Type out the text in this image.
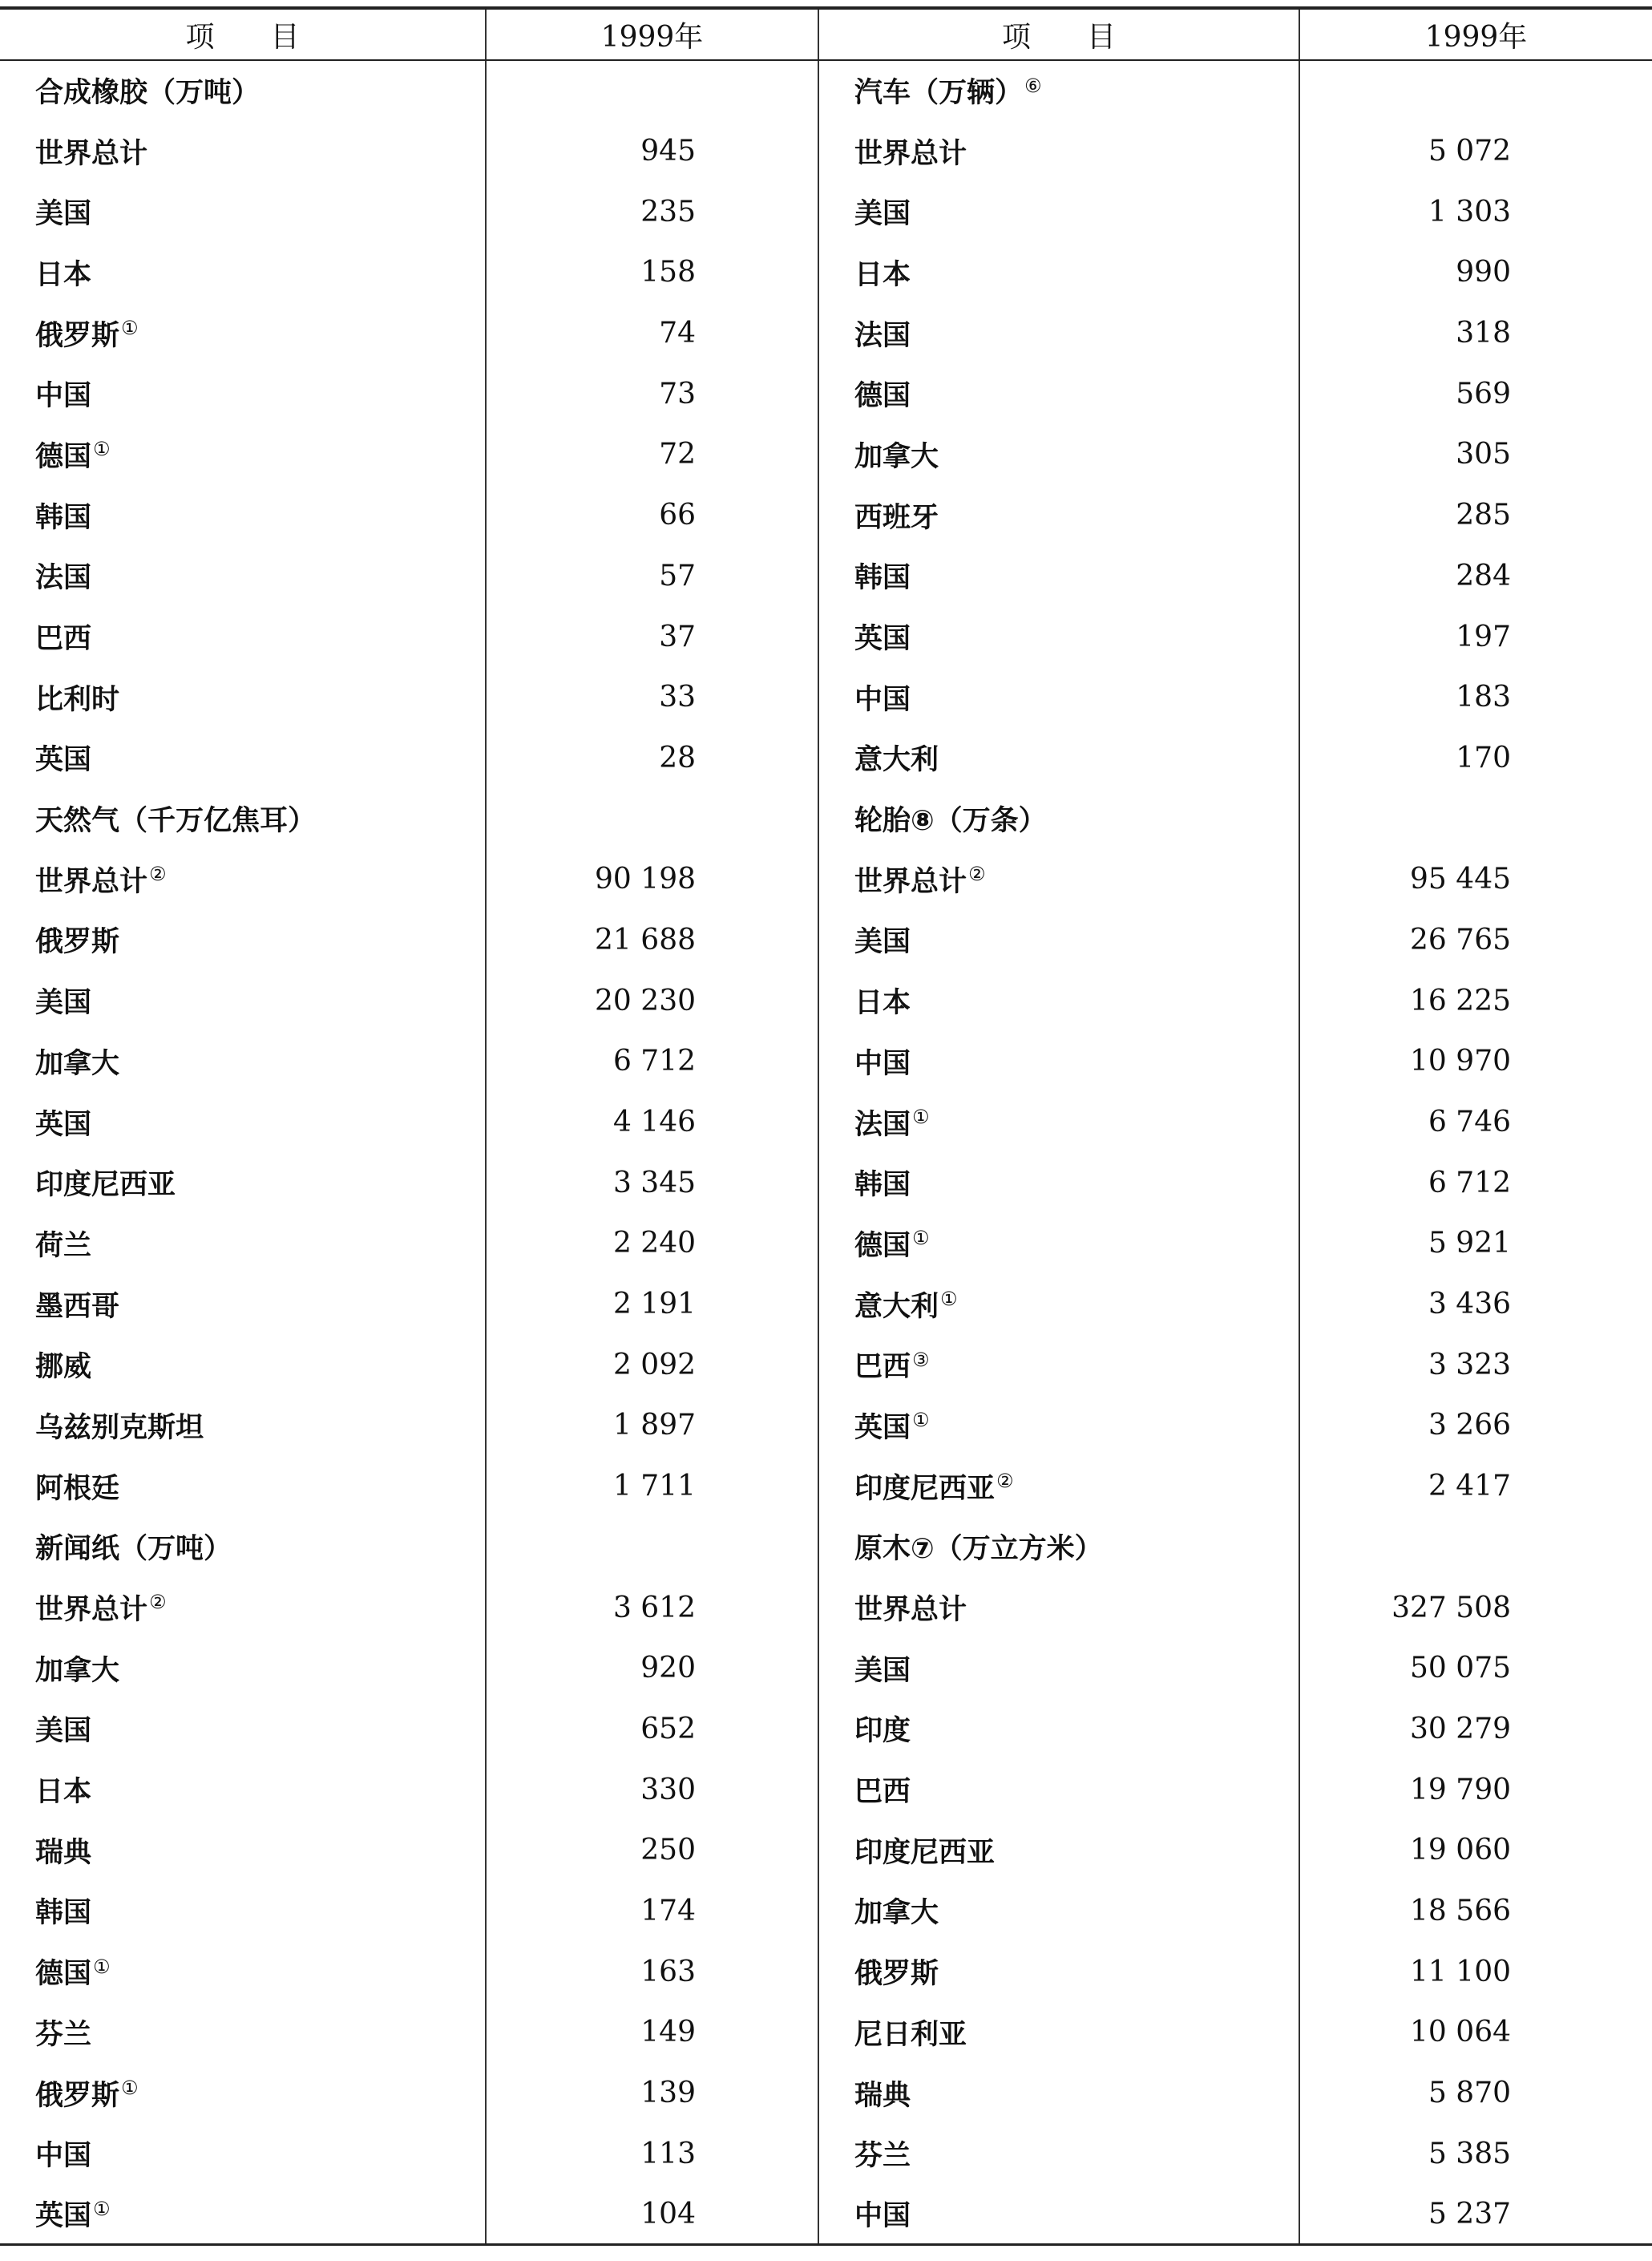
项目	1999年	项目	1999年
合成橡胶（万吨）		汽车（万辆）⑥	
世界总计	945	世界总计	5 072
美国	235	美国	1 303
日本	158	日本	990
俄罗斯①	74	法国	318
中国	73	德国	569
德国①	72	加拿大	305
韩国	66	西班牙	285
法国	57	韩国	284
巴西	37	英国	197
比利时	33	中国	183
英国	28	意大利	170
天然气（千万亿焦耳）		轮胎⑧（万条）	
世界总计②	90 198	世界总计②	95 445
俄罗斯	21 688	美国	26 765
美国	20 230	日本	16 225
加拿大	6 712	中国	10 970
英国	4 146	法国①	6 746
印度尼西亚	3 345	韩国	6 712
荷兰	2 240	德国①	5 921
墨西哥	2 191	意大利①	3 436
挪威	2 092	巴西③	3 323
乌兹别克斯坦	1 897	英国①	3 266
阿根廷	1 711	印度尼西亚②	2 417
新闻纸（万吨）		原木⑦（万立方米）	
世界总计②	3 612	世界总计	327 508
加拿大	920	美国	50 075
美国	652	印度	30 279
日本	330	巴西	19 790
瑞典	250	印度尼西亚	19 060
韩国	174	加拿大	18 566
德国①	163	俄罗斯	11 100
芬兰	149	尼日利亚	10 064
俄罗斯①	139	瑞典	5 870
中国	113	芬兰	5 385
英国①	104	中国	5 237
